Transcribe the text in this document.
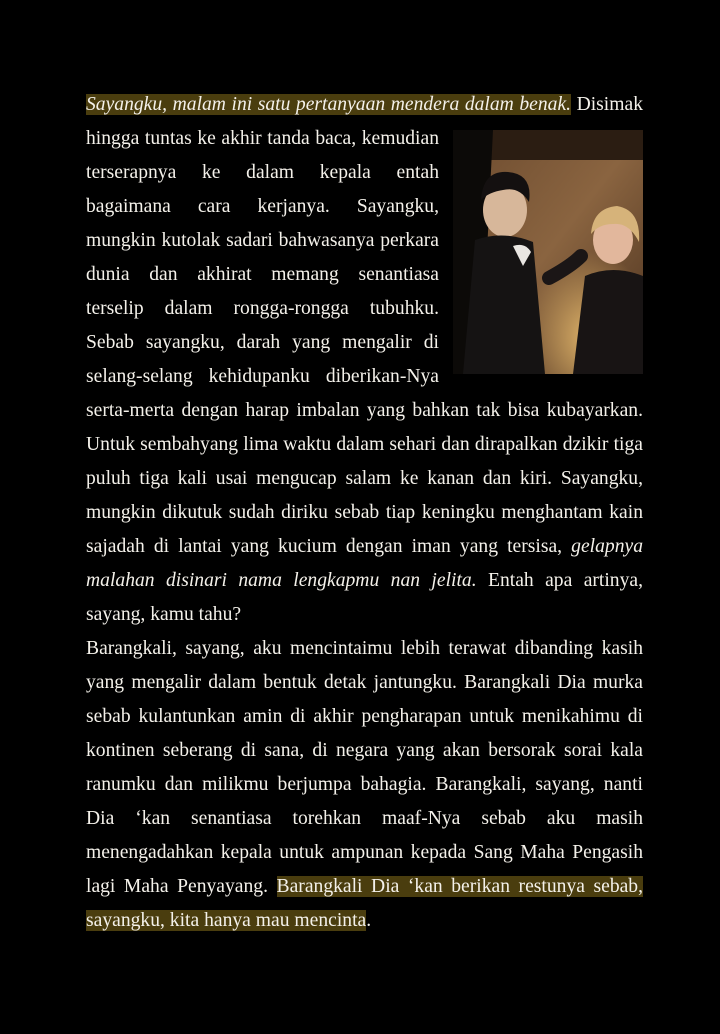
Sayangku, malam ini satu pertanyaan mendera dalam benak.
Disimak hingga tuntas ke akhir tanda baca, kemudian terserapnya ke dalam kepala entah bagaimana cara kerjanya. Sayangku, mungkin kutolak sadari bahwasanya perkara dunia dan akhirat memang senantiasa terselip dalam rongga-rongga tubuhku. Sebab sayangku, darah yang mengalir di selang-selang kehidupanku diberikan-Nya serta-merta dengan harap imbalan yang bahkan tak bisa kubayarkan. Untuk sembahyang lima waktu dalam sehari dan dirapalkan dzikir tiga puluh tiga kali usai mengucap salam ke kanan dan kiri. Sayangku, mungkin dikutuk sudah diriku sebab tiap keningku menghantam kain sajadah di lantai yang kucium dengan iman yang tersisa, gelapnya malahan disinari nama lengkapmu nan jelita. Entah apa artinya, sayang, kamu tahu?

Barangkali, sayang, aku mencintaimu lebih terawat dibanding kasih yang mengalir dalam bentuk detak jantungku. Barangkali Dia murka sebab kulantunkan amin di akhir pengharapan untuk menikahimu di kontinen seberang di sana, di negara yang akan bersorak sorai kala ranumku dan milikmu berjumpa bahagia. Barangkali, sayang, nanti Dia ‘kan senantiasa torehkan maaf-Nya sebab aku masih menengadahkan kepala untuk ampunan kepada Sang Maha Pengasih lagi Maha Penyayang. Barangkali Dia ‘kan berikan restunya sebab, sayangku, kita hanya mau mencinta.
